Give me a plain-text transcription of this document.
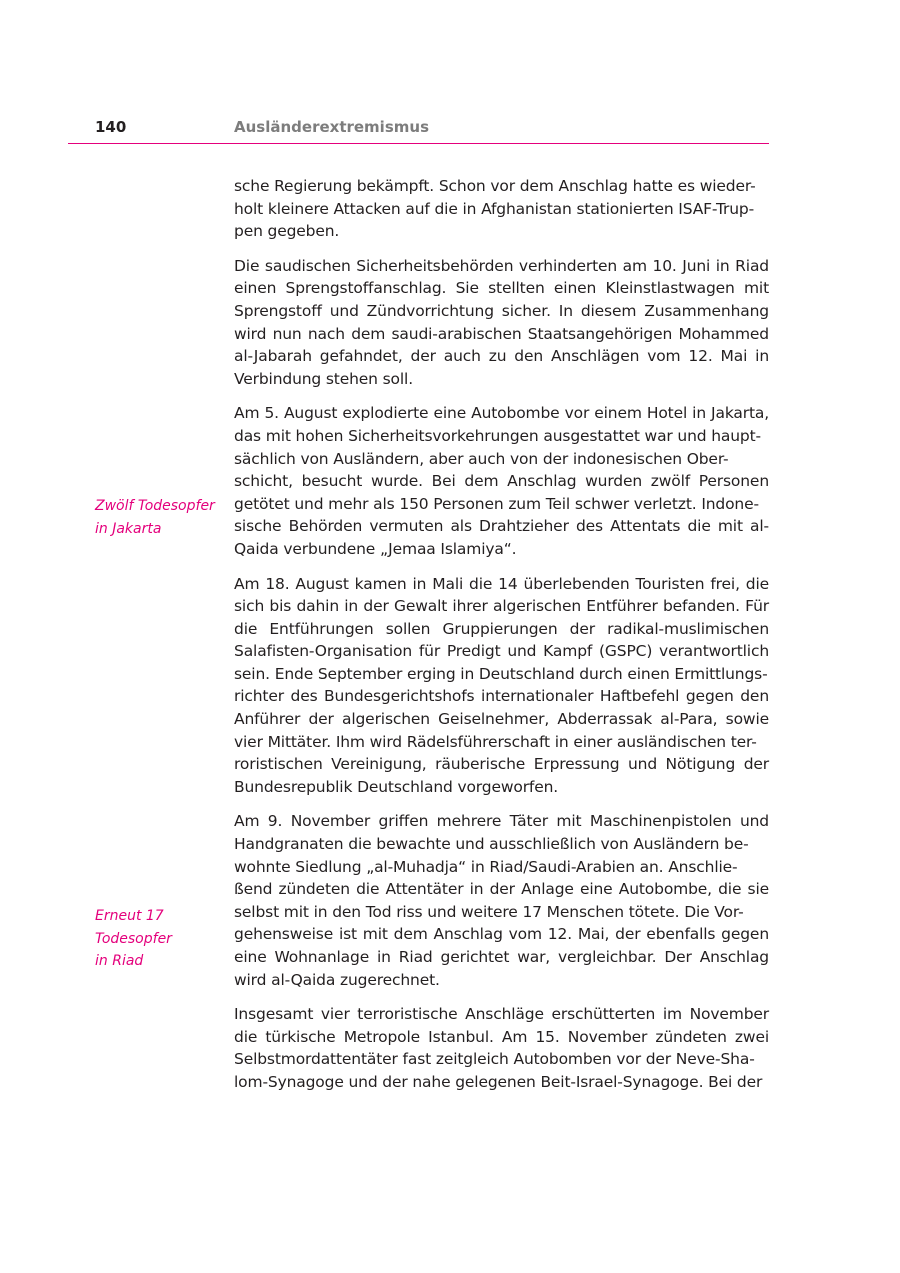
140	Ausländerextremismus
Zwölf Todesopfer
in Jakarta
Erneut 17
Todesopfer
in Riad

sche Regierung bekämpft. Schon vor dem Anschlag hatte es wieder-
holt kleinere Attacken auf die in Afghanistan stationierten ISAF-Trup-
pen gegeben.

Die saudischen Sicherheitsbehörden verhinderten am 10. Juni in Riad einen Sprengstoffanschlag. Sie stellten einen Kleinstlastwagen mit Sprengstoff und Zündvorrichtung sicher. In diesem Zusammenhang wird nun nach dem saudi-arabischen Staatsangehörigen Mohammed al-Jabarah gefahndet, der auch zu den Anschlägen vom 12. Mai in Verbindung stehen soll.

Am 5. August explodierte eine Autobombe vor einem Hotel in Jakarta, das mit hohen Sicherheitsvorkehrungen ausgestattet war und haupt-
sächlich von Ausländern, aber auch von der indonesischen Ober-
schicht, besucht wurde. Bei dem Anschlag wurden zwölf Personen getötet und mehr als 150 Personen zum Teil schwer verletzt. Indone-
sische Behörden vermuten als Drahtzieher des Attentats die mit al-Qaida verbundene „Jemaa Islamiya“.

Am 18. August kamen in Mali die 14 überlebenden Touristen frei, die sich bis dahin in der Gewalt ihrer algerischen Entführer befanden. Für die Entführungen sollen Gruppierungen der radikal-muslimischen Salafisten-Organisation für Predigt und Kampf (GSPC) verantwortlich sein. Ende September erging in Deutschland durch einen Ermittlungs-
richter des Bundesgerichtshofs internationaler Haftbefehl gegen den Anführer der algerischen Geiselnehmer, Abderrassak al-Para, sowie vier Mittäter. Ihm wird Rädelsführerschaft in einer ausländischen ter-
roristischen Vereinigung, räuberische Erpressung und Nötigung der Bundesrepublik Deutschland vorgeworfen.

Am 9. November griffen mehrere Täter mit Maschinenpistolen und Handgranaten die bewachte und ausschließlich von Ausländern be-
wohnte Siedlung „al-Muhadja“ in Riad/Saudi-Arabien an. Anschlie-
ßend zündeten die Attentäter in der Anlage eine Autobombe, die sie selbst mit in den Tod riss und weitere 17 Menschen tötete. Die Vor-
gehensweise ist mit dem Anschlag vom 12. Mai, der ebenfalls gegen eine Wohnanlage in Riad gerichtet war, vergleichbar. Der Anschlag wird al-Qaida zugerechnet.

Insgesamt vier terroristische Anschläge erschütterten im November die türkische Metropole Istanbul. Am 15. November zündeten zwei Selbstmordattentäter fast zeitgleich Autobomben vor der Neve-Sha-
lom-Synagoge und der nahe gelegenen Beit-Israel-Synagoge. Bei der
